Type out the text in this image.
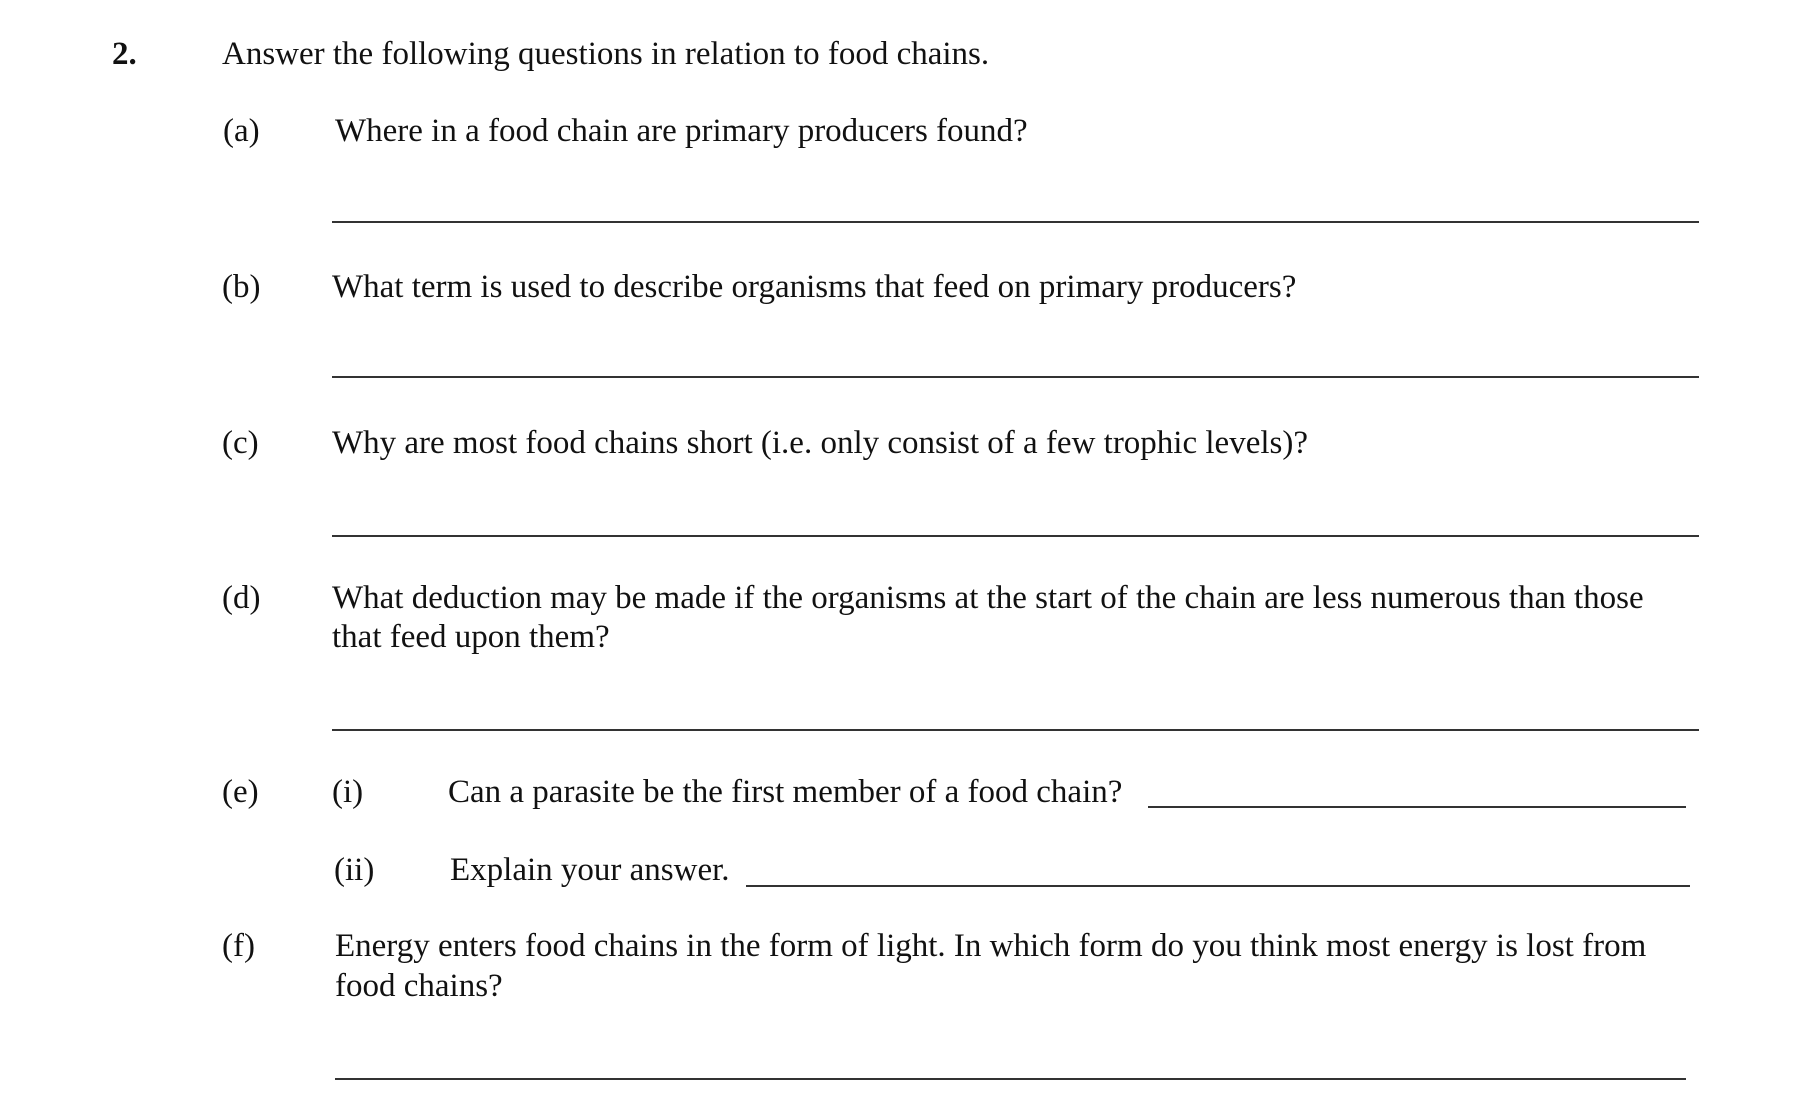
2.	Answer the following questions in relation to food chains.
(a) Where in a food chain are primary producers found?
(b) What term is used to describe organisms that feed on primary producers?
(c) Why are most food chains short (i.e. only consist of a few trophic levels)?
(d) What deduction may be made if the organisms at the start of the chain are less numerous than those
that feed upon them?
(e) (i)	Can a parasite be the first member of a food chain?
(ii) Explain your answer.
(f) Energy enters food chains in the form of light. In which form do you think most energy is lost from
food chains?
